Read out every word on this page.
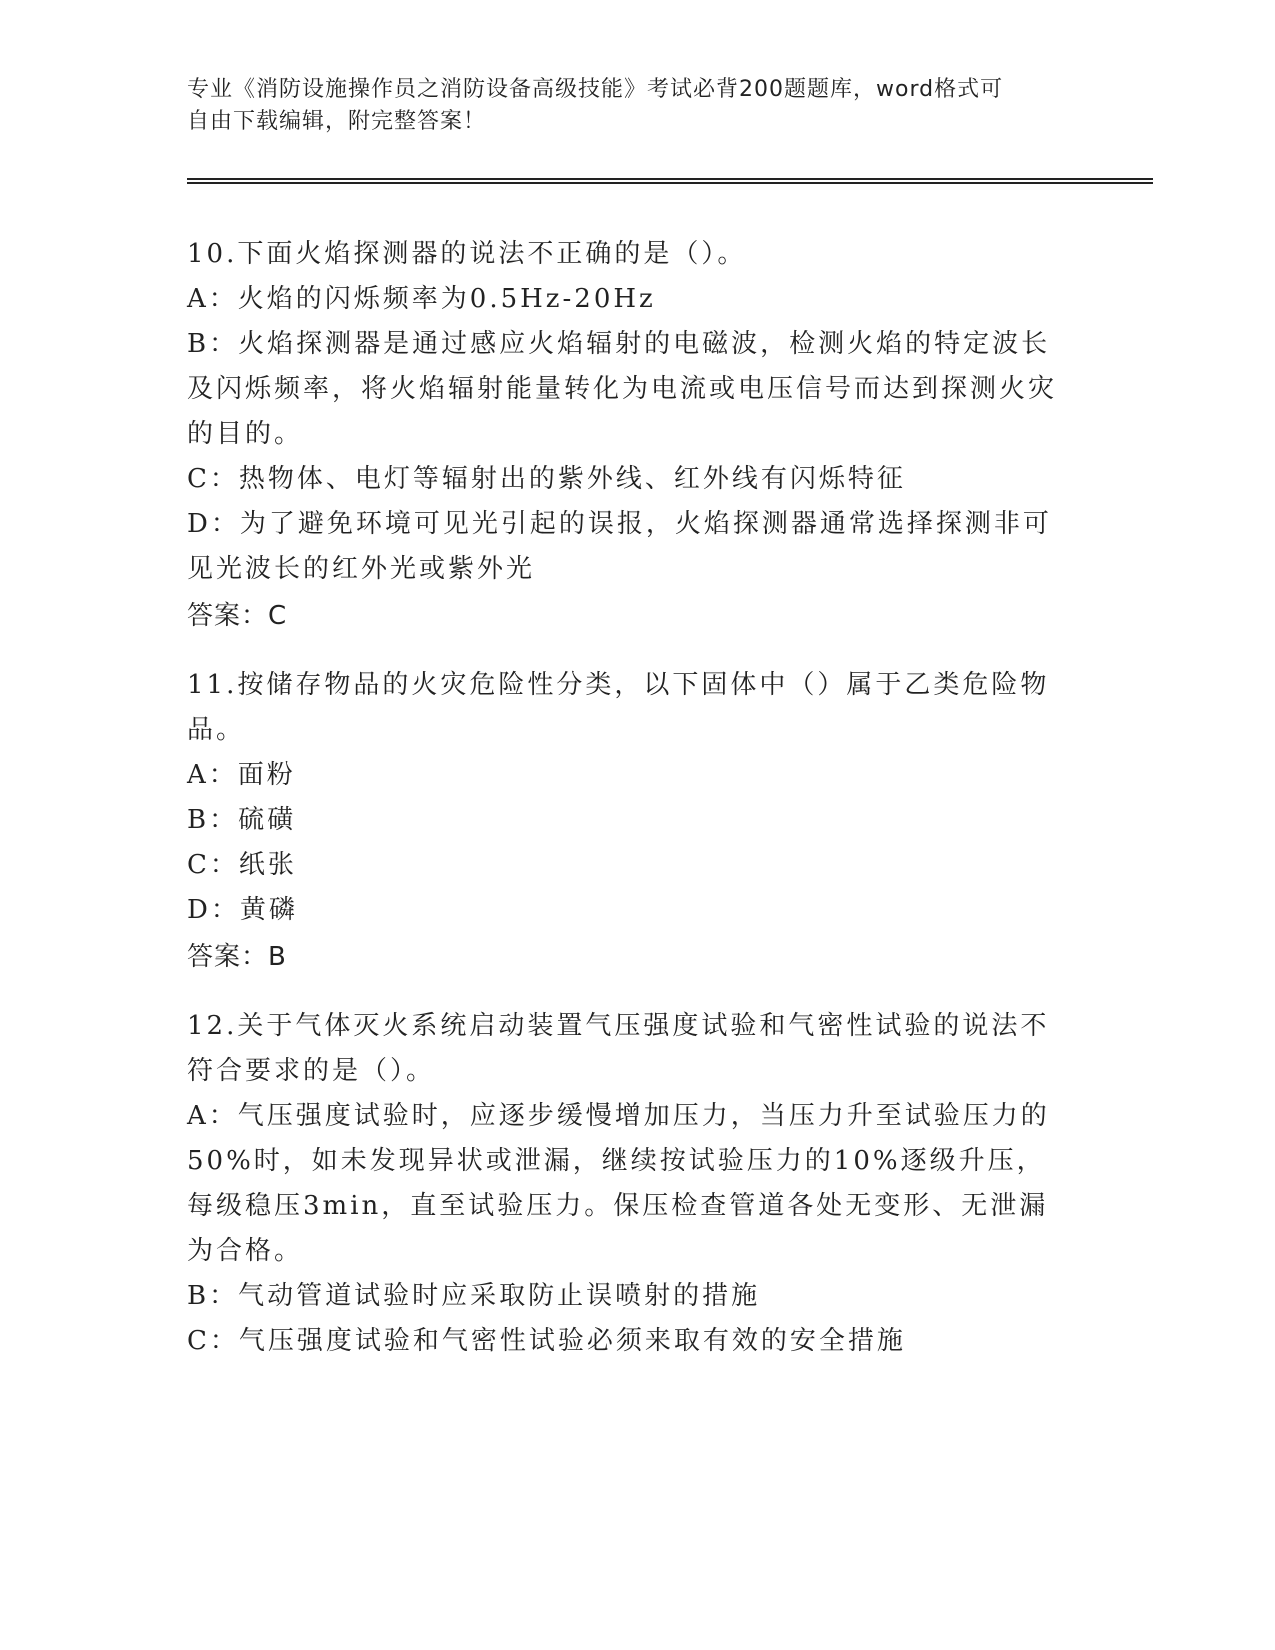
专业《消防设施操作员之消防设备高级技能》考试必背200题题库，word格式可
自由下载编辑，附完整答案！
10.下面火焰探测器的说法不正确的是（）。
A：火焰的闪烁频率为0.5Hz-20Hz
B：火焰探测器是通过感应火焰辐射的电磁波，检测火焰的特定波长及闪烁频率，将火焰辐射能量转化为电流或电压信号而达到探测火灾的目的。
C：热物体、电灯等辐射出的紫外线、红外线有闪烁特征
D：为了避免环境可见光引起的误报，火焰探测器通常选择探测非可见光波长的红外光或紫外光
答案：C
11.按储存物品的火灾危险性分类，以下固体中（）属于乙类危险物品。
A：面粉
B：硫磺
C：纸张
D：黄磷
答案：B
12.关于气体灭火系统启动装置气压强度试验和气密性试验的说法不符合要求的是（）。
A：气压强度试验时，应逐步缓慢增加压力，当压力升至试验压力的50%时，如未发现异状或泄漏，继续按试验压力的10%逐级升压，每级稳压3min，直至试验压力。保压检查管道各处无变形、无泄漏为合格。
B：气动管道试验时应采取防止误喷射的措施
C：气压强度试验和气密性试验必须来取有效的安全措施
